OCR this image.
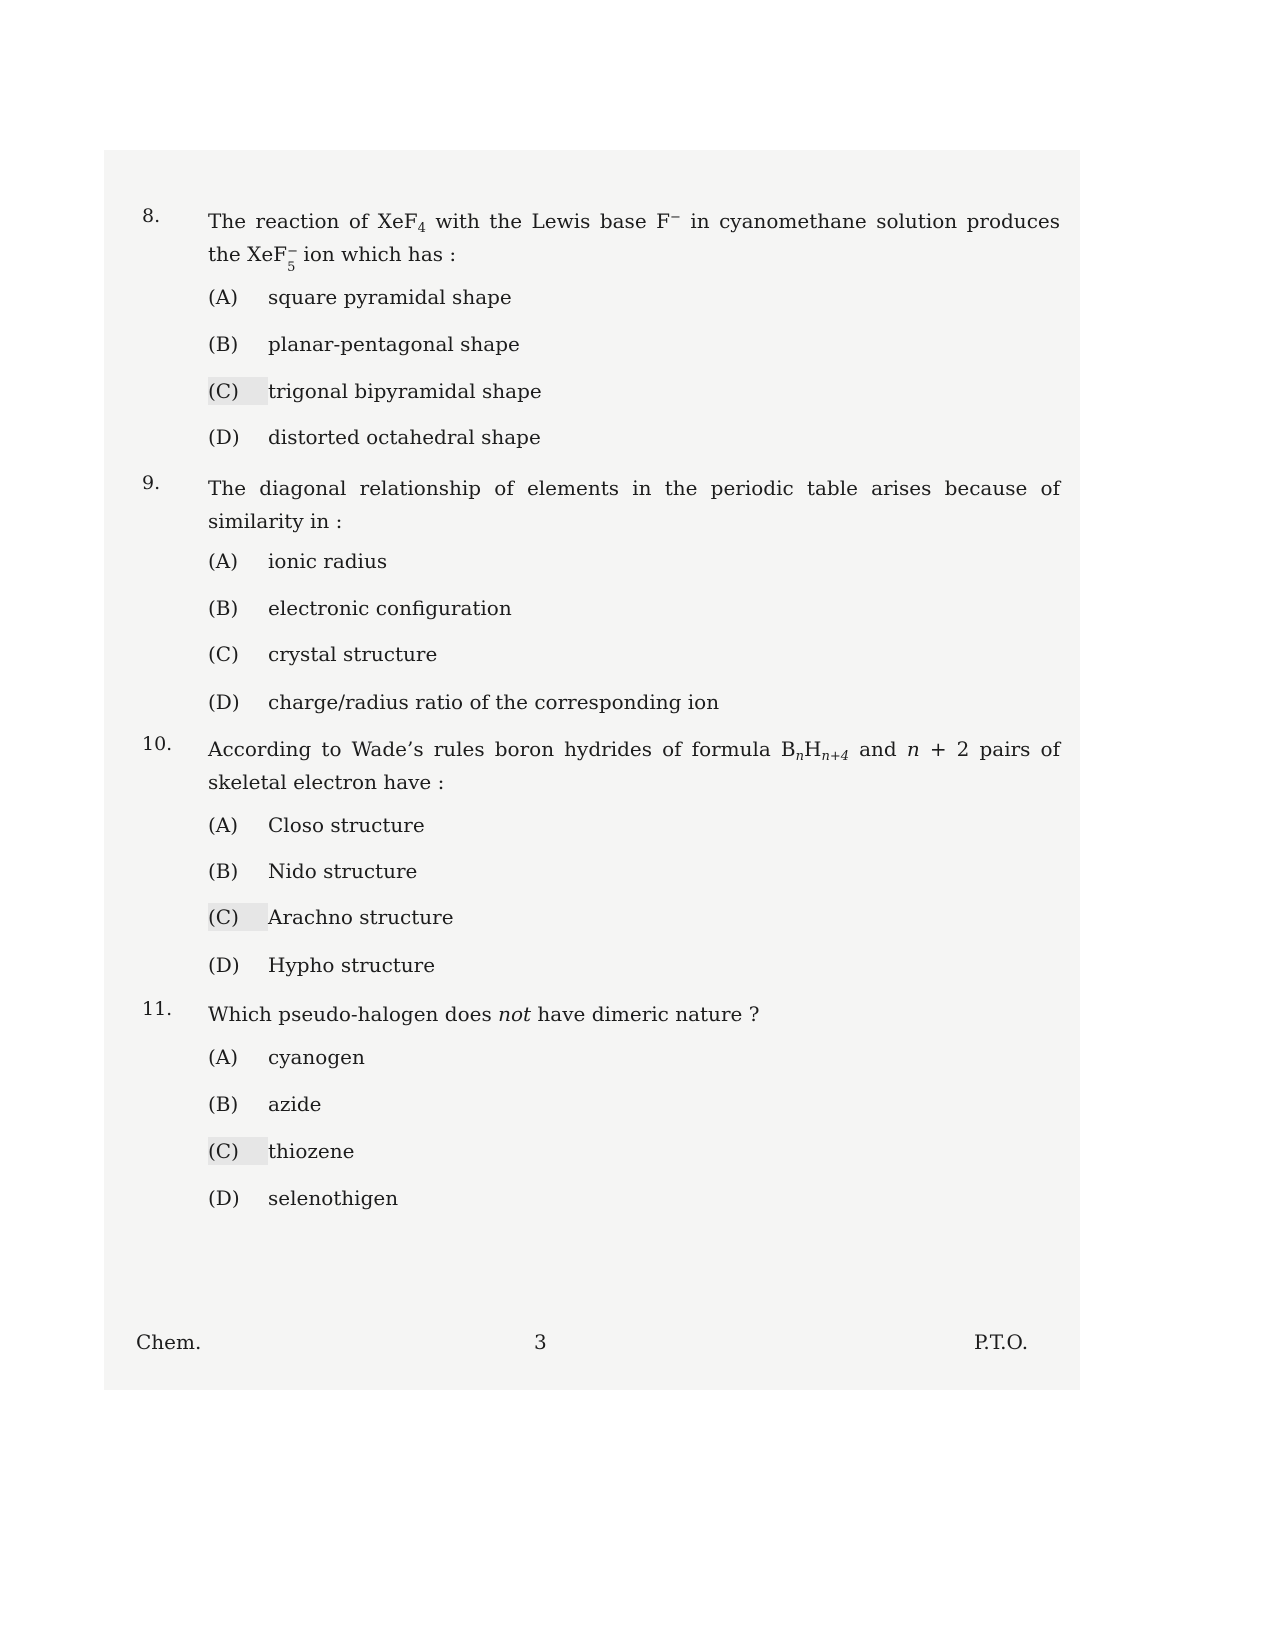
8. The reaction of XeF$_4$ with the Lewis base F− in cyanomethane solution produces the XeF −
5
ion which has :
(A) square pyramidal shape
(B) planar-pentagonal shape
(C) trigonal bipyramidal shape
(D) distorted octahedral shape
9. The diagonal relationship of elements in the periodic table arises because of similarity in :
(A) ionic radius
(B) electronic configuration
(C) crystal structure
(D) charge/radius ratio of the corresponding ion
10. According to Wade’s rules boron hydrides of formula $B_nH_{n+4}$ and n + 2 pairs of skeletal electron have :
(A) Closo structure
(B) Nido structure
(C) Arachno structure
(D) Hypho structure
11. Which pseudo-halogen does not have dimeric nature ?
(A) cyanogen
(B) azide
(C) thiozene
(D) selenothigen
Chem.	3	P.T.O.
